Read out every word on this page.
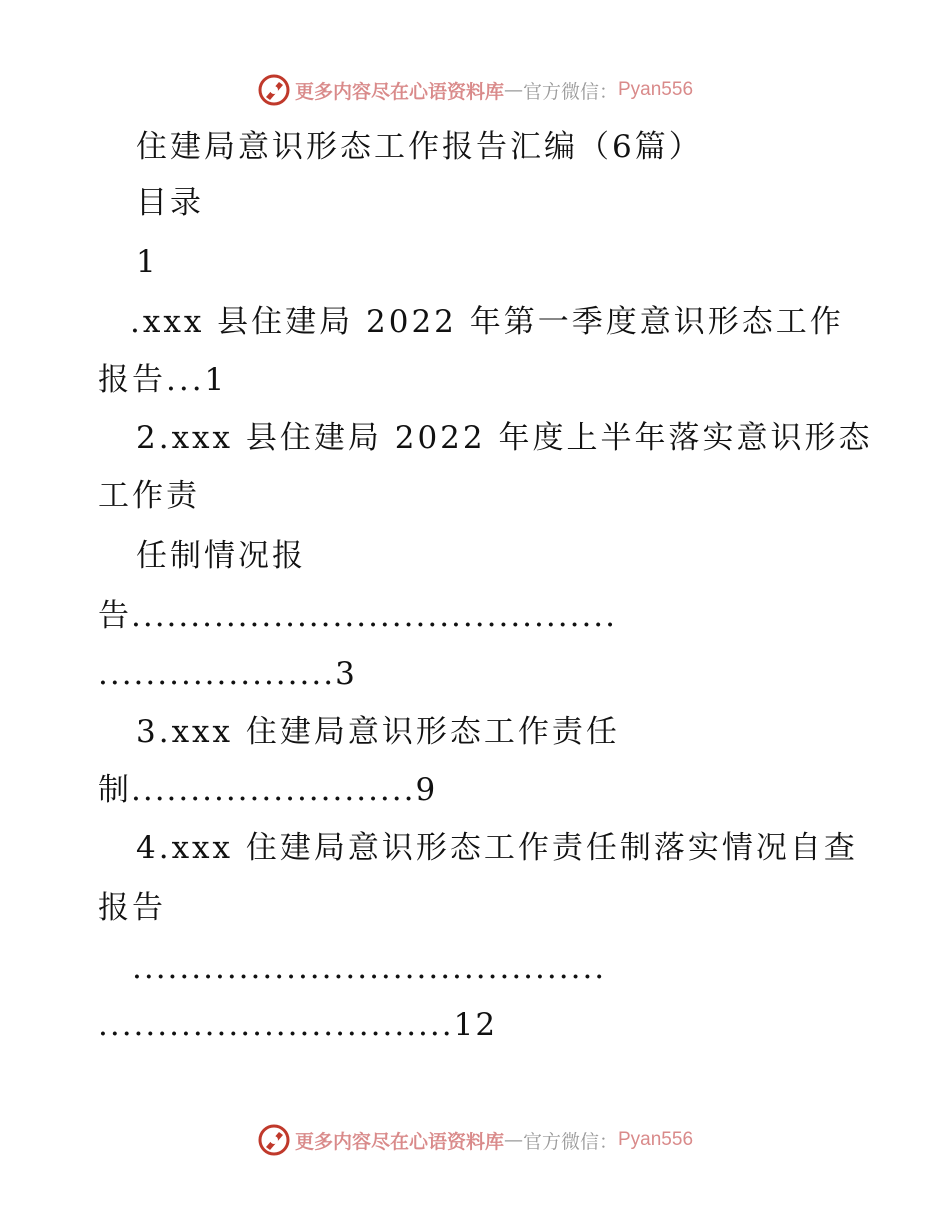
更多内容尽在心语资料库 — 官方微信： Pyan556
住建局意识形态工作报告汇编（6篇）
目录
1
.xxx 县住建局 2022 年第一季度意识形态工作
报告...1
2.xxx 县住建局 2022 年度上半年落实意识形态
工作责
任制情况报
告.........................................
....................3
3.xxx 住建局意识形态工作责任
制........................9
4.xxx 住建局意识形态工作责任制落实情况自查
报告
........................................
..............................12
更多内容尽在心语资料库 — 官方微信： Pyan556
